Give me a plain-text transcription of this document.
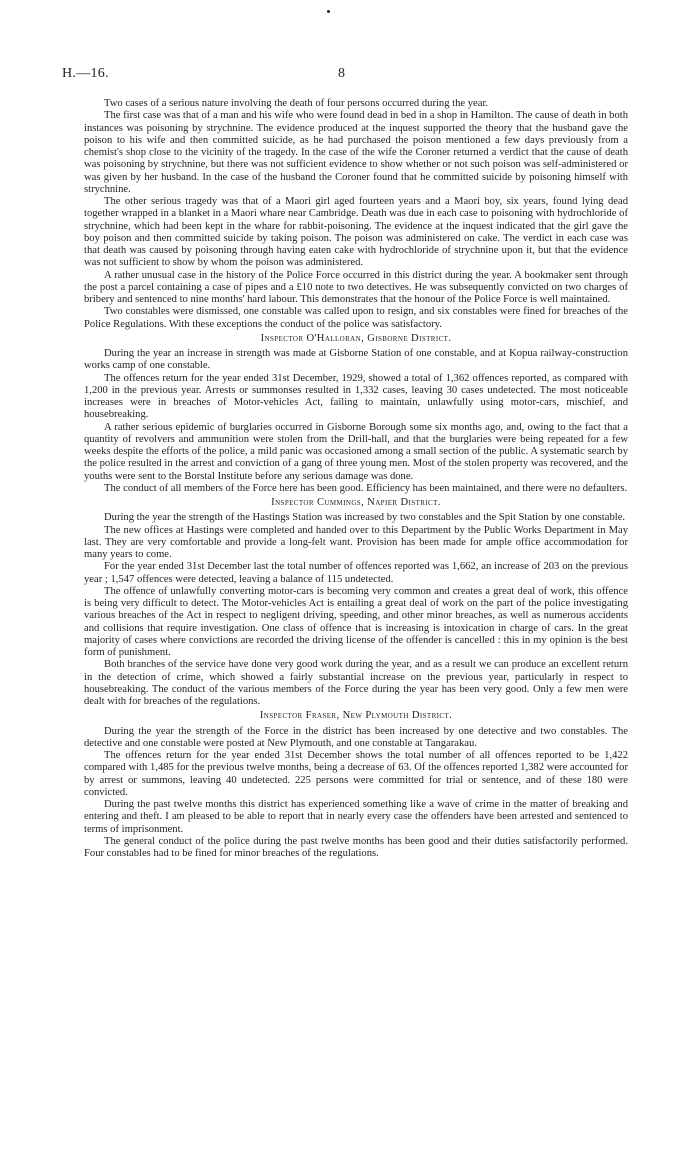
H.—16.	8

Two cases of a serious nature involving the death of four persons occurred during the year.

The first case was that of a man and his wife who were found dead in bed in a shop in Hamilton. The cause of death in both instances was poisoning by strychnine. The evidence produced at the inquest supported the theory that the husband gave the poison to his wife and then committed suicide, as he had purchased the poison mentioned a few days previously from a chemist's shop close to the vicinity of the tragedy. In the case of the wife the Coroner returned a verdict that the cause of death was poisoning by strychnine, but there was not sufficient evidence to show whether or not such poison was self-administered or was given by her husband. In the case of the husband the Coroner found that he committed suicide by poisoning himself with strychnine.

The other serious tragedy was that of a Maori girl aged fourteen years and a Maori boy, six years, found lying dead together wrapped in a blanket in a Maori whare near Cambridge. Death was due in each case to poisoning with hydrochloride of strychnine, which had been kept in the whare for rabbit-poisoning. The evidence at the inquest indicated that the girl gave the boy poison and then committed suicide by taking poison. The poison was administered on cake. The verdict in each case was that death was caused by poisoning through having eaten cake with hydrochloride of strychnine upon it, but that the evidence was not sufficient to show by whom the poison was administered.

A rather unusual case in the history of the Police Force occurred in this district during the year. A bookmaker sent through the post a parcel containing a case of pipes and a £10 note to two detectives. He was subsequently convicted on two charges of bribery and sentenced to nine months' hard labour. This demonstrates that the honour of the Police Force is well maintained.

Two constables were dismissed, one constable was called upon to resign, and six constables were fined for breaches of the Police Regulations. With these exceptions the conduct of the police was satisfactory.

Inspector O'Halloran, Gisborne District.

During the year an increase in strength was made at Gisborne Station of one constable, and at Kopua railway-construction works camp of one constable.

The offences return for the year ended 31st December, 1929, showed a total of 1,362 offences reported, as compared with 1,200 in the previous year. Arrests or summonses resulted in 1,332 cases, leaving 30 cases undetected. The most noticeable increases were in breaches of Motor-vehicles Act, failing to maintain, unlawfully using motor-cars, mischief, and housebreaking.

A rather serious epidemic of burglaries occurred in Gisborne Borough some six months ago, and, owing to the fact that a quantity of revolvers and ammunition were stolen from the Drill-hall, and that the burglaries were being repeated for a few weeks despite the efforts of the police, a mild panic was occasioned among a small section of the public. A systematic search by the police resulted in the arrest and conviction of a gang of three young men. Most of the stolen property was recovered, and the youths were sent to the Borstal Institute before any serious damage was done.

The conduct of all members of the Force here has been good. Efficiency has been maintained, and there were no defaulters.

Inspector Cummings, Napier District.

During the year the strength of the Hastings Station was increased by two constables and the Spit Station by one constable.

The new offices at Hastings were completed and handed over to this Department by the Public Works Department in May last. They are very comfortable and provide a long-felt want. Provision has been made for ample office accommodation for many years to come.

For the year ended 31st December last the total number of offences reported was 1,662, an increase of 203 on the previous year ; 1,547 offences were detected, leaving a balance of 115 undetected.

The offence of unlawfully converting motor-cars is becoming very common and creates a great deal of work, this offence is being very difficult to detect. The Motor-vehicles Act is entailing a great deal of work on the part of the police investigating various breaches of the Act in respect to negligent driving, speeding, and other minor breaches, as well as numerous accidents and collisions that require investigation. One class of offence that is increasing is intoxication in charge of cars. In the great majority of cases where convictions are recorded the driving license of the offender is cancelled : this in my opinion is the best form of punishment.

Both branches of the service have done very good work during the year, and as a result we can produce an excellent return in the detection of crime, which showed a fairly substantial increase on the previous year, particularly in respect to housebreaking. The conduct of the various members of the Force during the year has been very good. Only a few men were dealt with for breaches of the regulations.

Inspector Fraser, New Plymouth District.

During the year the strength of the Force in the district has been increased by one detective and two constables. The detective and one constable were posted at New Plymouth, and one constable at Tangarakau.

The offences return for the year ended 31st December shows the total number of all offences reported to be 1,422 compared with 1,485 for the previous twelve months, being a decrease of 63. Of the offences reported 1,382 were accounted for by arrest or summons, leaving 40 undetected. 225 persons were committed for trial or sentence, and of these 180 were convicted.

During the past twelve months this district has experienced something like a wave of crime in the matter of breaking and entering and theft. I am pleased to be able to report that in nearly every case the offenders have been arrested and sentenced to terms of imprisonment.

The general conduct of the police during the past twelve months has been good and their duties satisfactorily performed. Four constables had to be fined for minor breaches of the regulations.
